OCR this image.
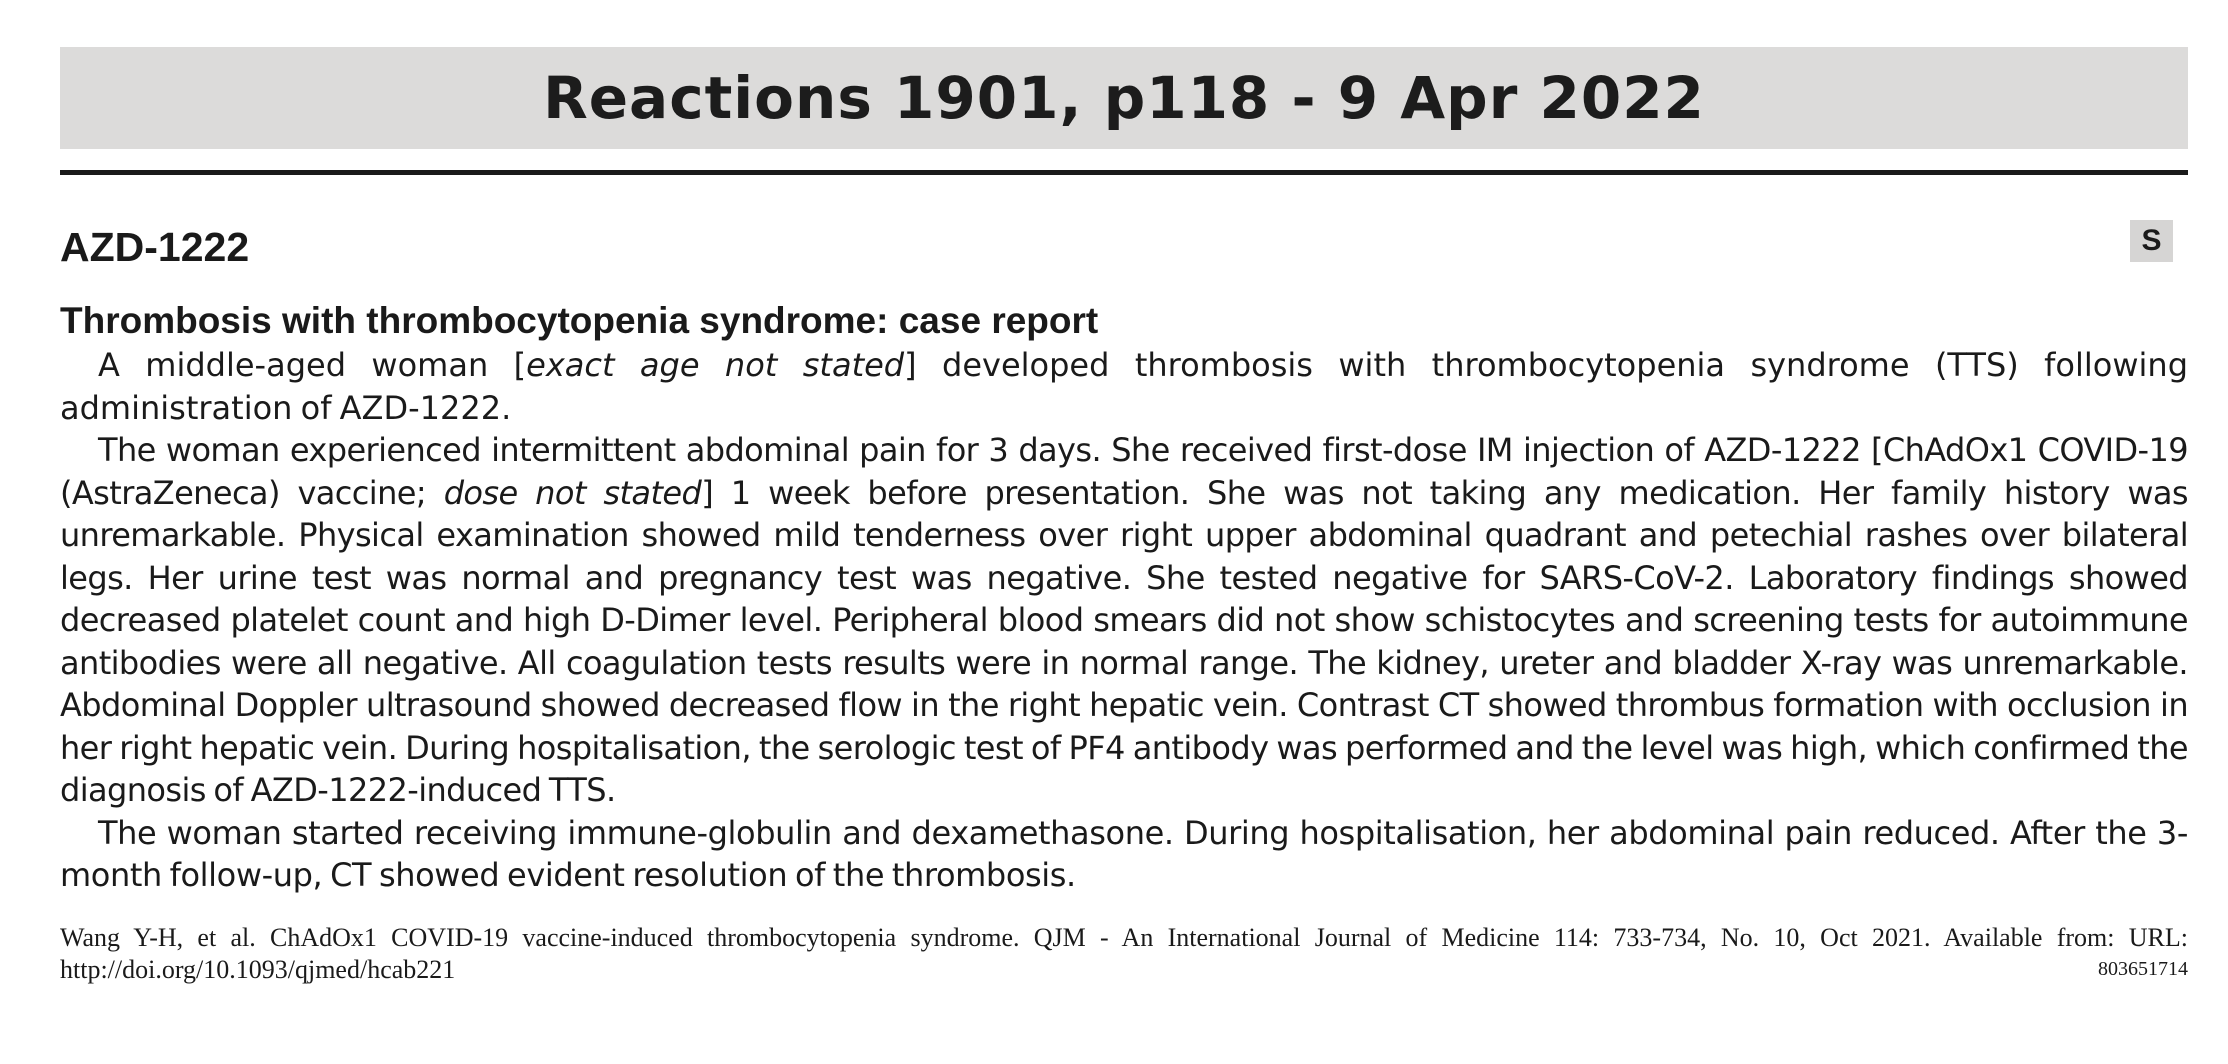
Reactions 1901, p118 - 9 Apr 2022
AZD-1222	S
Thrombosis with thrombocytopenia syndrome: case report

A middle-aged woman [exact age not stated] developed thrombosis with thrombocytopenia syndrome (TTS) following administration of AZD-1222.

The woman experienced intermittent abdominal pain for 3 days. She received first-dose IM injection of AZD-1222 [ChAdOx1 COVID-19 (AstraZeneca) vaccine; dose not stated] 1 week before presentation. She was not taking any medication. Her family history was unremarkable. Physical examination showed mild tenderness over right upper abdominal quadrant and petechial rashes over bilateral legs. Her urine test was normal and pregnancy test was negative. She tested negative for SARS-CoV-2. Laboratory findings showed decreased platelet count and high D-Dimer level. Peripheral blood smears did not show schistocytes and screening tests for autoimmune antibodies were all negative. All coagulation tests results were in normal range. The kidney, ureter and bladder X-ray was unremarkable. Abdominal Doppler ultrasound showed decreased flow in the right hepatic vein. Contrast CT showed thrombus formation with occlusion in her right hepatic vein. During hospitalisation, the serologic test of PF4 antibody was performed and the level was high, which confirmed the diagnosis of AZD-1222-induced TTS.

The woman started receiving immune-globulin and dexamethasone. During hospitalisation, her abdominal pain reduced. After the 3-month follow-up, CT showed evident resolution of the thrombosis.

Wang Y-H, et al. ChAdOx1 COVID-19 vaccine-induced thrombocytopenia syndrome. QJM - An International Journal of Medicine 114: 733-734, No. 10, Oct 2021. Available from: URL: http://doi.org/10.1093/qjmed/hcab221	803651714
